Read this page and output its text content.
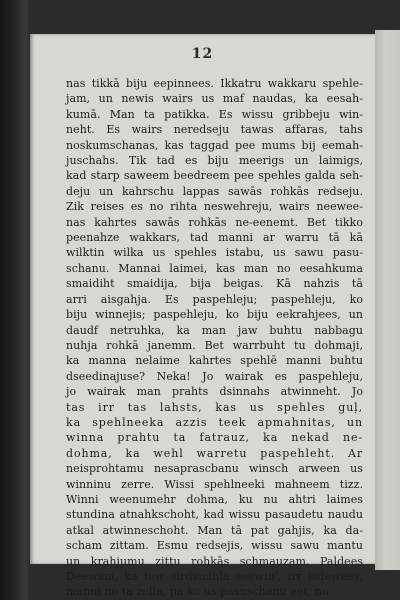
12
nas tikkā biju eepinnees. Ikkatru wakkaru spehle-
jam, un newis wairs us maf naudas, ka eesah-
kumā. Man ta patikka. Es wissu gribbeju win-
neht. Es wairs neredseju tawas affaras, tahs
noskumschanas, kas taggad pee mums bij eemah-
juschahs. Tik tad es biju meerigs un laimigs,
kad starp saweem beedreem pee spehles galda seh-
deju un kahrschu lappas sawās rohkās redseju.
Zik reises es no rihta neswehreju, wairs neewee-
nas kahrtes sawās rohkās ne-eenemt. Bet tikko
peenahze wakkars, tad manni ar warru tā kā
wilktin wilka us spehles istabu, us sawu pasu-
schanu. Mannai laimei, kas man no eesahkuma
smaidiht smaidija, bija beigas. Kā nahzis tā
arri aisgahja. Es paspehleju; paspehleju, ko
biju winnejis; paspehleju, ko biju eekrahjees, un
daudf netruhka, ka man jaw buhtu nabbagu
nuhja rohkā janemm. Bet warrbuht tu dohmaji,
ka manna nelaime kahrtes spehlē manni buhtu
dseedinajuse? Neka! Jo wairak es paspehleju,
jo wairak man prahts dsinnahs atwinneht. Jo
tas irr tas lahsts, kas us spehles guļ,
ka spehlneeka azzis teek apmahnitas, un
winna prahtu ta fatrauz, ka nekad ne-
dohma, ka wehl warretu paspehleht. Ar
neisprohtamu nesaprascbanu winsch arween us
winninu zerre. Wissi spehlneeki mahneem tizz.
Winni weenumehr dohma, ku nu ahtri laimes
stundina atnahkschoht, kad wissu pasaudetu naudu
atkal atwinneschoht. Man tā pat gahjis, ka da-
scham zittam. Esmu redsejis, wissu sawu mantu
un krahjumu zittu rohkās schmauzam. Paldees
Deewam, ka tew sirdsmihla seewin', irr isdewees,
manni no ta zella, pa ko us pasuschanu eet, no-
